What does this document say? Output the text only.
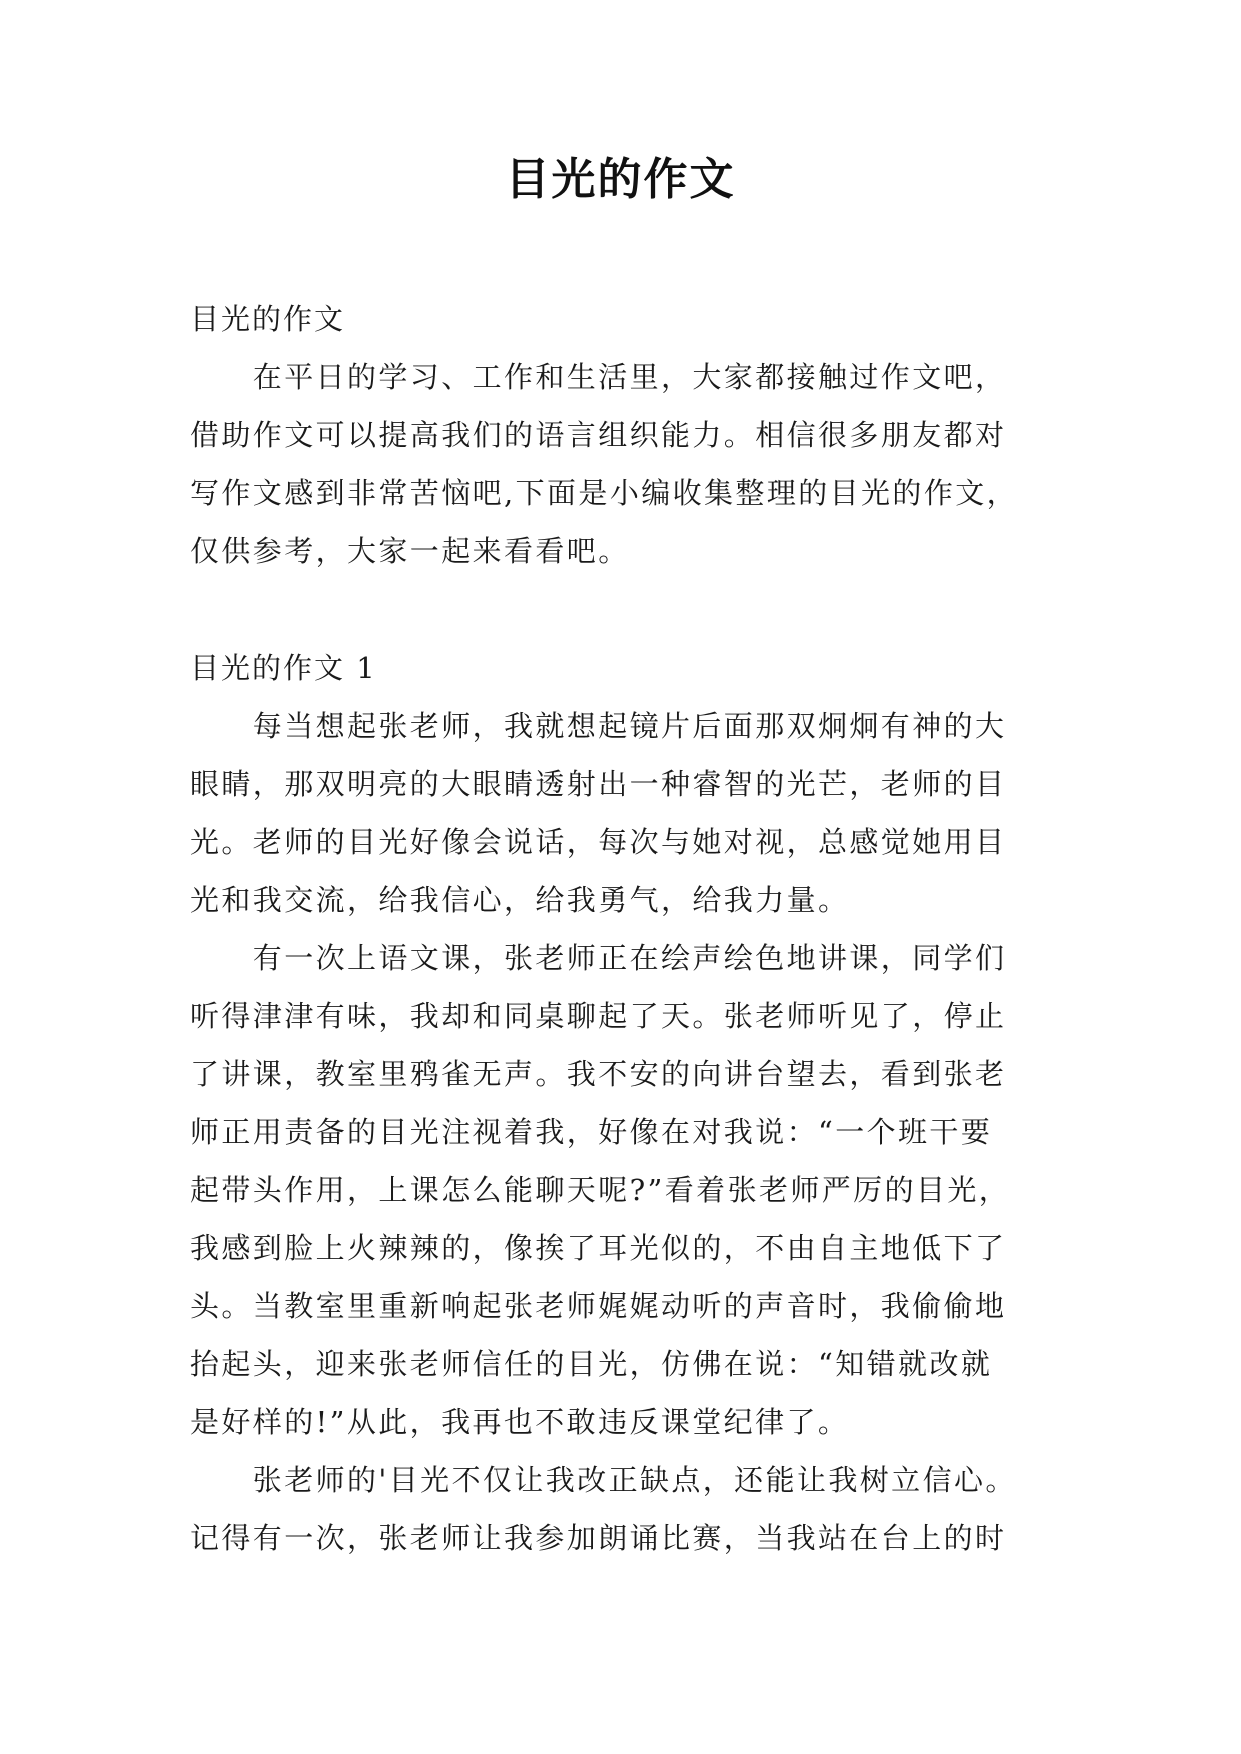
目光的作文

目光的作文

　　在平日的学习、工作和生活里，大家都接触过作文吧，
借助作文可以提高我们的语言组织能力。相信很多朋友都对
写作文感到非常苦恼吧,下面是小编收集整理的目光的作文，
仅供参考，大家一起来看看吧。

目光的作文 1

　　每当想起张老师，我就想起镜片后面那双炯炯有神的大
眼睛，那双明亮的大眼睛透射出一种睿智的光芒，老师的目
光。老师的目光好像会说话，每次与她对视，总感觉她用目
光和我交流，给我信心，给我勇气，给我力量。

　　有一次上语文课，张老师正在绘声绘色地讲课，同学们
听得津津有味，我却和同桌聊起了天。张老师听见了，停止
了讲课，教室里鸦雀无声。我不安的向讲台望去，看到张老
师正用责备的目光注视着我，好像在对我说：“一个班干要
起带头作用，上课怎么能聊天呢?”看着张老师严厉的目光，
我感到脸上火辣辣的，像挨了耳光似的，不由自主地低下了
头。当教室里重新响起张老师娓娓动听的声音时，我偷偷地
抬起头，迎来张老师信任的目光，仿佛在说：“知错就改就
是好样的!”从此，我再也不敢违反课堂纪律了。

　　张老师的'目光不仅让我改正缺点，还能让我树立信心。
记得有一次，张老师让我参加朗诵比赛，当我站在台上的时
